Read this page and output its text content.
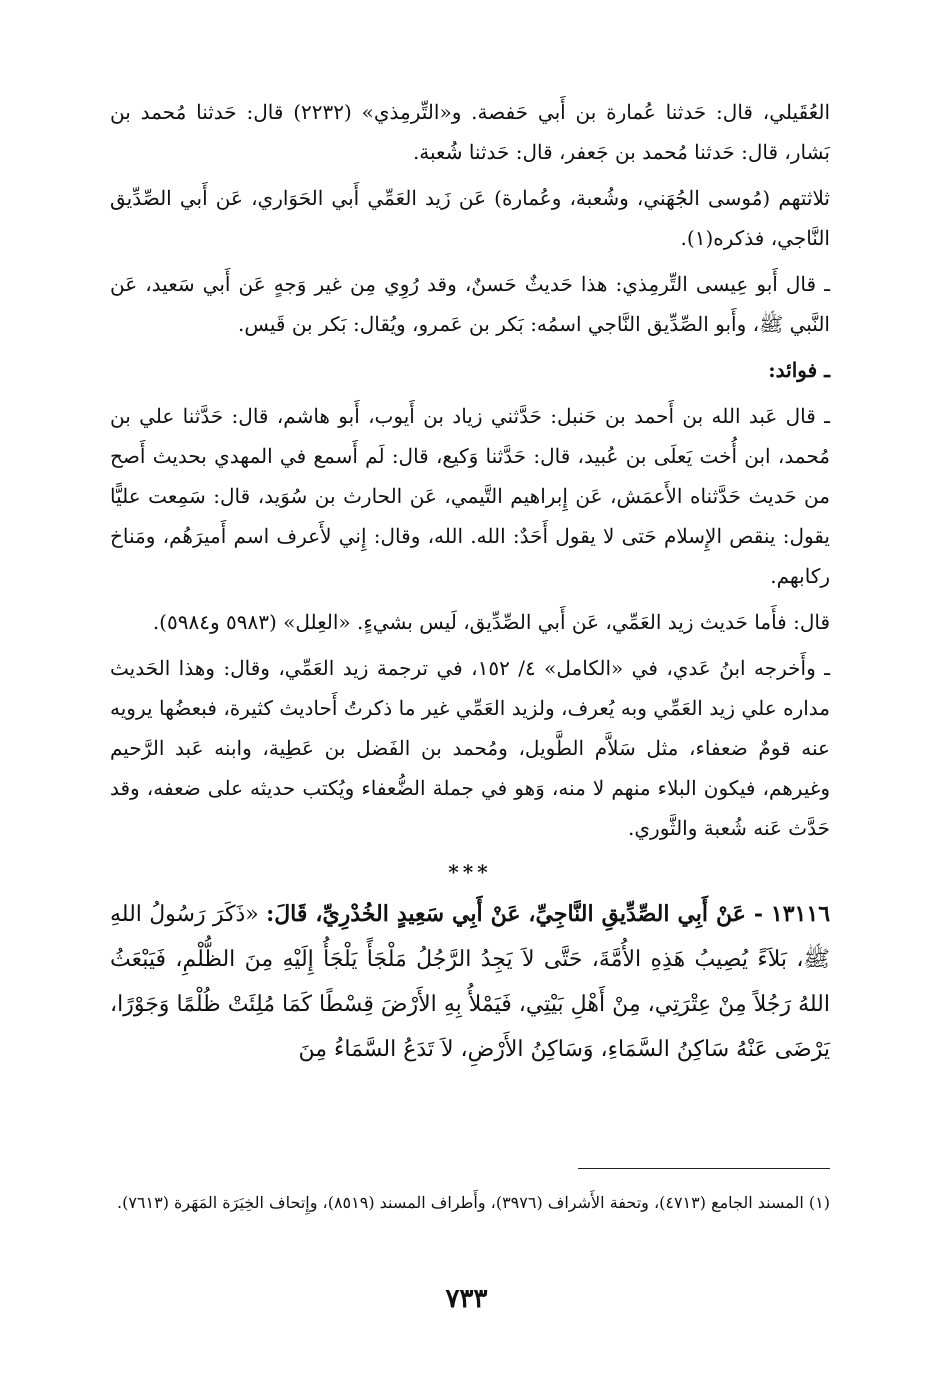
العُقَيلي، قال: حَدثنا عُمارة بن أَبي حَفصة. و«التِّرمِذي» (٢٢٣٢) قال: حَدثنا مُحمد بن بَشار، قال: حَدثنا مُحمد بن جَعفر، قال: حَدثنا شُعبة.

ثلاثتهم (مُوسى الجُهَني، وشُعبة، وعُمارة) عَن زَيد العَمِّي أَبي الحَوَاري، عَن أَبي الصِّدِّيق النَّاجي، فذكره(١).

ـ قال أَبو عِيسى التِّرمِذي: هذا حَديثٌ حَسنٌ، وقد رُوِي مِن غير وَجهٍ عَن أَبي سَعيد، عَن النَّبي ﷺ، وأَبو الصِّدِّيق النَّاجي اسمُه: بَكر بن عَمرو، ويُقال: بَكر بن قَيس.

ـ فوائد:

ـ قال عَبد الله بن أَحمد بن حَنبل: حَدَّثني زياد بن أَيوب، أَبو هاشم، قال: حَدَّثنا علي بن مُحمد، ابن أُخت يَعلَى بن عُبيد، قال: حَدَّثنا وَكيع، قال: لَم أَسمع في المهدي بحديث أَصح من حَديث حَدَّثناه الأَعمَش، عَن إِبراهيم التَّيمي، عَن الحارث بن سُوَيد، قال: سَمِعت عليًّا يقول: ينقص الإِسلام حَتى لا يقول أَحَدٌ: الله. الله، وقال: إِني لأَعرف اسم أَميرَهُم، ومَناخ ركابهم.

قال: فأَما حَديث زيد العَمِّي، عَن أَبي الصِّدِّيق، لَيس بشيءٍ. «العِلل» (٥٩٨٣ و٥٩٨٤).

ـ وأَخرجه ابنُ عَدي، في «الكامل» ٤/ ١٥٢، في ترجمة زيد العَمِّي، وقال: وهذا الحَديث مداره علي زيد العَمِّي وبه يُعرف، ولزيد العَمِّي غير ما ذكرتُ أَحاديث كثيرة، فبعضُها يرويه عنه قومٌ ضعفاء، مثل سَلاَّم الطَّويل، ومُحمد بن الفَضل بن عَطِية، وابنه عَبد الرَّحيم وغيرهم، فيكون البلاء منهم لا منه، وَهو في جملة الضُّعفاء ويُكتب حديثه على ضعفه، وقد حَدَّث عَنه شُعبة والثَّوري.

***

١٣١١٦ - عَنْ أَبِي الصِّدِّيقِ النَّاجِيِّ، عَنْ أَبِي سَعِيدٍ الخُدْرِيِّ، قَالَ: «ذَكَرَ رَسُولُ اللهِ ﷺ، بَلاَءً يُصِيبُ هَذِهِ الأُمَّةَ، حَتَّى لاَ يَجِدُ الرَّجُلُ مَلْجَأً يَلْجَأُ إِلَيْهِ مِنَ الظُّلْمِ، فَيَبْعَثُ اللهُ رَجُلاً مِنْ عِتْرَتِي، مِنْ أَهْلِ بَيْتِي، فَيَمْلأُ بِهِ الأَرْضَ قِسْطًا كَمَا مُلِئَتْ ظُلْمًا وَجَوْرًا، يَرْضَى عَنْهُ سَاكِنُ السَّمَاءِ، وَسَاكِنُ الأَرْضِ، لاَ تَدَعُ السَّمَاءُ مِنَ

(١) المسند الجامع (٤٧١٣)، وتحفة الأَشراف (٣٩٧٦)، وأَطراف المسند (٨٥١٩)، وإِتحاف الخِيَرَة المَهَرة (٧٦١٣).
٧٣٣
